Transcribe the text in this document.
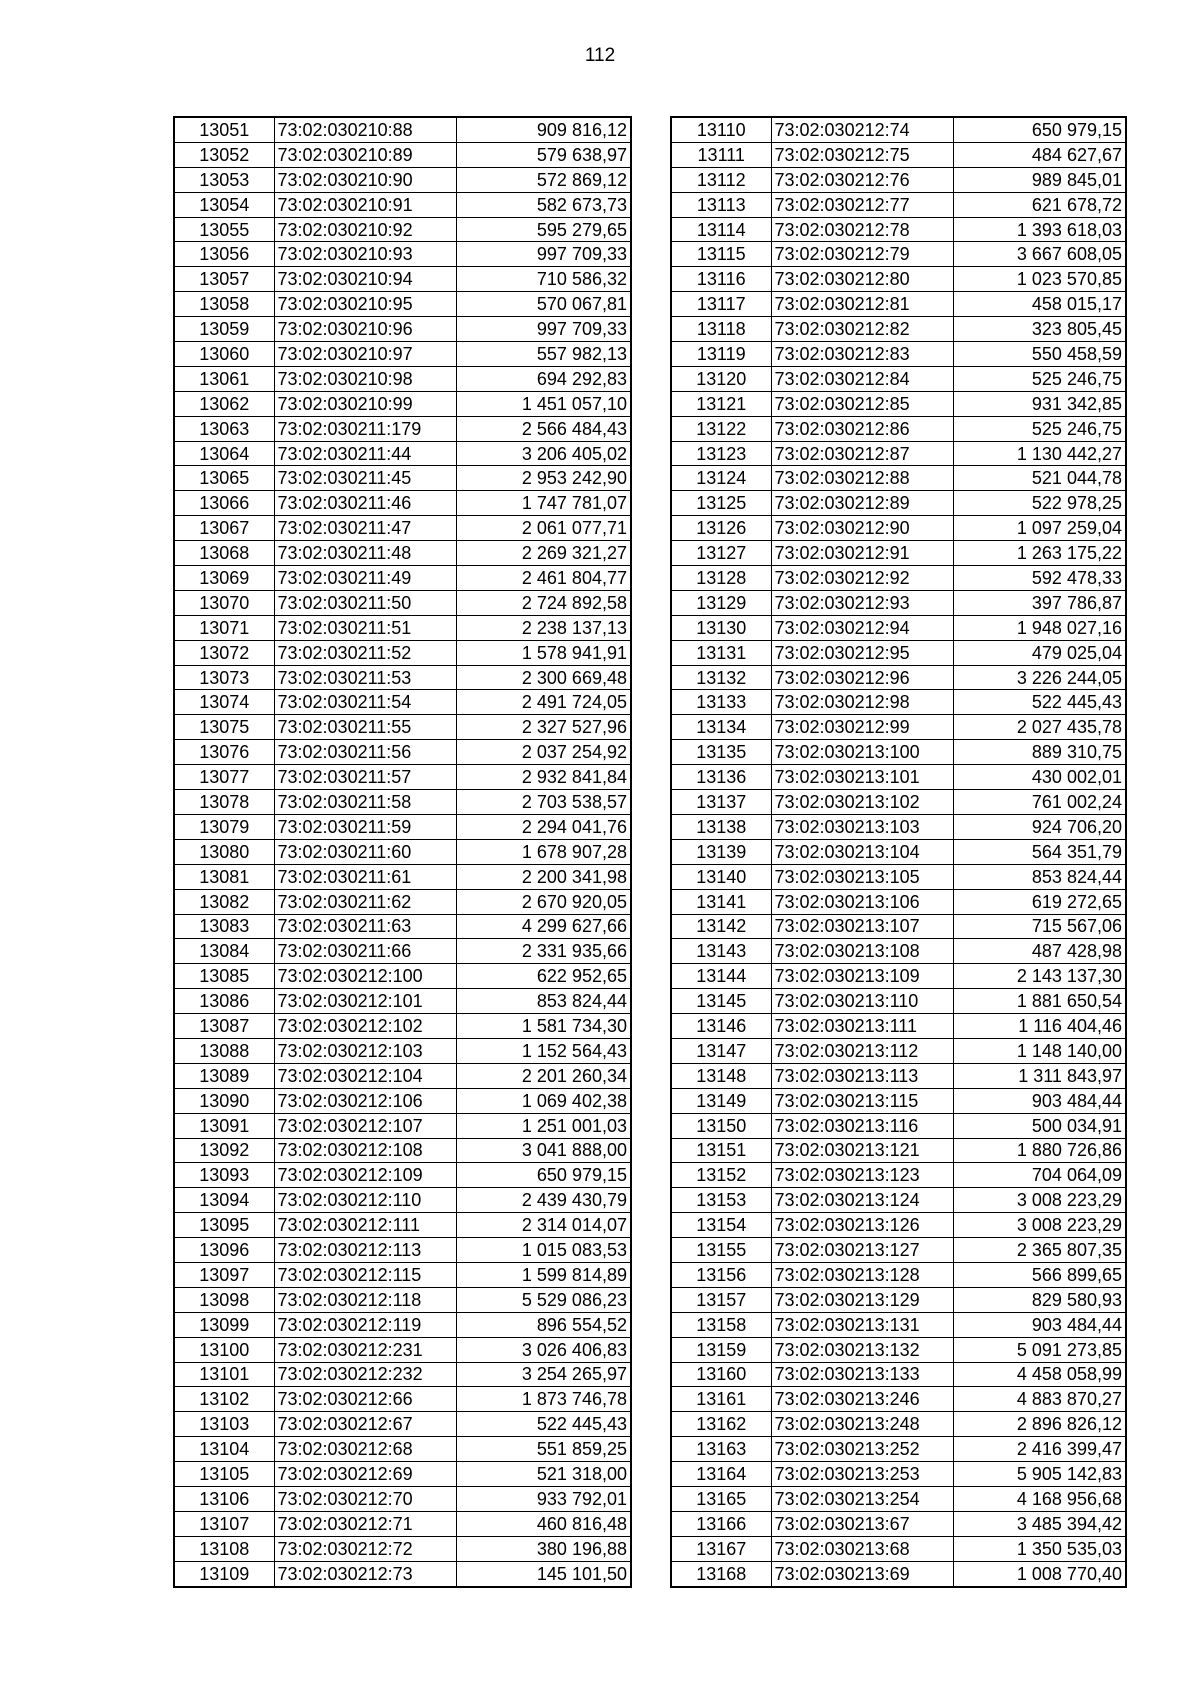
112
13051	73:02:030210:88	909 816,12
13052	73:02:030210:89	579 638,97
13053	73:02:030210:90	572 869,12
13054	73:02:030210:91	582 673,73
13055	73:02:030210:92	595 279,65
13056	73:02:030210:93	997 709,33
13057	73:02:030210:94	710 586,32
13058	73:02:030210:95	570 067,81
13059	73:02:030210:96	997 709,33
13060	73:02:030210:97	557 982,13
13061	73:02:030210:98	694 292,83
13062	73:02:030210:99	1 451 057,10
13063	73:02:030211:179	2 566 484,43
13064	73:02:030211:44	3 206 405,02
13065	73:02:030211:45	2 953 242,90
13066	73:02:030211:46	1 747 781,07
13067	73:02:030211:47	2 061 077,71
13068	73:02:030211:48	2 269 321,27
13069	73:02:030211:49	2 461 804,77
13070	73:02:030211:50	2 724 892,58
13071	73:02:030211:51	2 238 137,13
13072	73:02:030211:52	1 578 941,91
13073	73:02:030211:53	2 300 669,48
13074	73:02:030211:54	2 491 724,05
13075	73:02:030211:55	2 327 527,96
13076	73:02:030211:56	2 037 254,92
13077	73:02:030211:57	2 932 841,84
13078	73:02:030211:58	2 703 538,57
13079	73:02:030211:59	2 294 041,76
13080	73:02:030211:60	1 678 907,28
13081	73:02:030211:61	2 200 341,98
13082	73:02:030211:62	2 670 920,05
13083	73:02:030211:63	4 299 627,66
13084	73:02:030211:66	2 331 935,66
13085	73:02:030212:100	622 952,65
13086	73:02:030212:101	853 824,44
13087	73:02:030212:102	1 581 734,30
13088	73:02:030212:103	1 152 564,43
13089	73:02:030212:104	2 201 260,34
13090	73:02:030212:106	1 069 402,38
13091	73:02:030212:107	1 251 001,03
13092	73:02:030212:108	3 041 888,00
13093	73:02:030212:109	650 979,15
13094	73:02:030212:110	2 439 430,79
13095	73:02:030212:111	2 314 014,07
13096	73:02:030212:113	1 015 083,53
13097	73:02:030212:115	1 599 814,89
13098	73:02:030212:118	5 529 086,23
13099	73:02:030212:119	896 554,52
13100	73:02:030212:231	3 026 406,83
13101	73:02:030212:232	3 254 265,97
13102	73:02:030212:66	1 873 746,78
13103	73:02:030212:67	522 445,43
13104	73:02:030212:68	551 859,25
13105	73:02:030212:69	521 318,00
13106	73:02:030212:70	933 792,01
13107	73:02:030212:71	460 816,48
13108	73:02:030212:72	380 196,88
13109	73:02:030212:73	145 101,50
13110	73:02:030212:74	650 979,15
13111	73:02:030212:75	484 627,67
13112	73:02:030212:76	989 845,01
13113	73:02:030212:77	621 678,72
13114	73:02:030212:78	1 393 618,03
13115	73:02:030212:79	3 667 608,05
13116	73:02:030212:80	1 023 570,85
13117	73:02:030212:81	458 015,17
13118	73:02:030212:82	323 805,45
13119	73:02:030212:83	550 458,59
13120	73:02:030212:84	525 246,75
13121	73:02:030212:85	931 342,85
13122	73:02:030212:86	525 246,75
13123	73:02:030212:87	1 130 442,27
13124	73:02:030212:88	521 044,78
13125	73:02:030212:89	522 978,25
13126	73:02:030212:90	1 097 259,04
13127	73:02:030212:91	1 263 175,22
13128	73:02:030212:92	592 478,33
13129	73:02:030212:93	397 786,87
13130	73:02:030212:94	1 948 027,16
13131	73:02:030212:95	479 025,04
13132	73:02:030212:96	3 226 244,05
13133	73:02:030212:98	522 445,43
13134	73:02:030212:99	2 027 435,78
13135	73:02:030213:100	889 310,75
13136	73:02:030213:101	430 002,01
13137	73:02:030213:102	761 002,24
13138	73:02:030213:103	924 706,20
13139	73:02:030213:104	564 351,79
13140	73:02:030213:105	853 824,44
13141	73:02:030213:106	619 272,65
13142	73:02:030213:107	715 567,06
13143	73:02:030213:108	487 428,98
13144	73:02:030213:109	2 143 137,30
13145	73:02:030213:110	1 881 650,54
13146	73:02:030213:111	1 116 404,46
13147	73:02:030213:112	1 148 140,00
13148	73:02:030213:113	1 311 843,97
13149	73:02:030213:115	903 484,44
13150	73:02:030213:116	500 034,91
13151	73:02:030213:121	1 880 726,86
13152	73:02:030213:123	704 064,09
13153	73:02:030213:124	3 008 223,29
13154	73:02:030213:126	3 008 223,29
13155	73:02:030213:127	2 365 807,35
13156	73:02:030213:128	566 899,65
13157	73:02:030213:129	829 580,93
13158	73:02:030213:131	903 484,44
13159	73:02:030213:132	5 091 273,85
13160	73:02:030213:133	4 458 058,99
13161	73:02:030213:246	4 883 870,27
13162	73:02:030213:248	2 896 826,12
13163	73:02:030213:252	2 416 399,47
13164	73:02:030213:253	5 905 142,83
13165	73:02:030213:254	4 168 956,68
13166	73:02:030213:67	3 485 394,42
13167	73:02:030213:68	1 350 535,03
13168	73:02:030213:69	1 008 770,40
